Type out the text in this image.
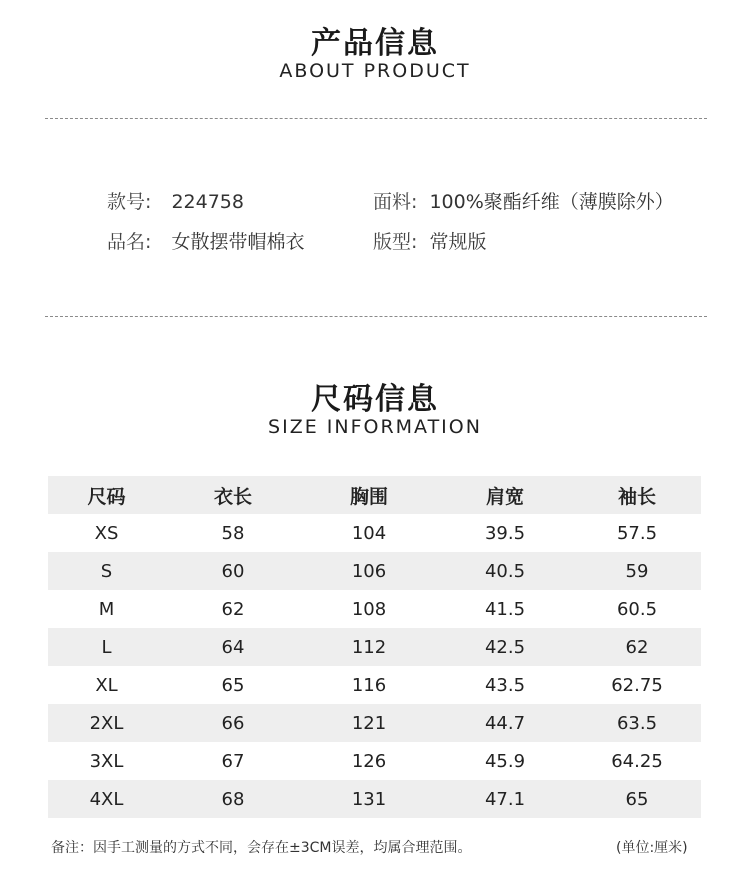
产品信息
ABOUT PRODUCT
款号: 224758	面料: 100%聚酯纤维（薄膜除外）
品名: 女散摆带帽棉衣	版型: 常规版
尺码信息
SIZE INFORMATION
尺码	衣长	胸围	肩宽	袖长
XS	58	104	39.5	57.5
S	60	106	40.5	59
M	62	108	41.5	60.5
L	64	112	42.5	62
XL	65	116	43.5	62.75
2XL	66	121	44.7	63.5
3XL	67	126	45.9	64.25
4XL	68	131	47.1	65
备注：因手工测量的方式不同，会存在±3CM误差，均属合理范围。	(单位:厘米)
